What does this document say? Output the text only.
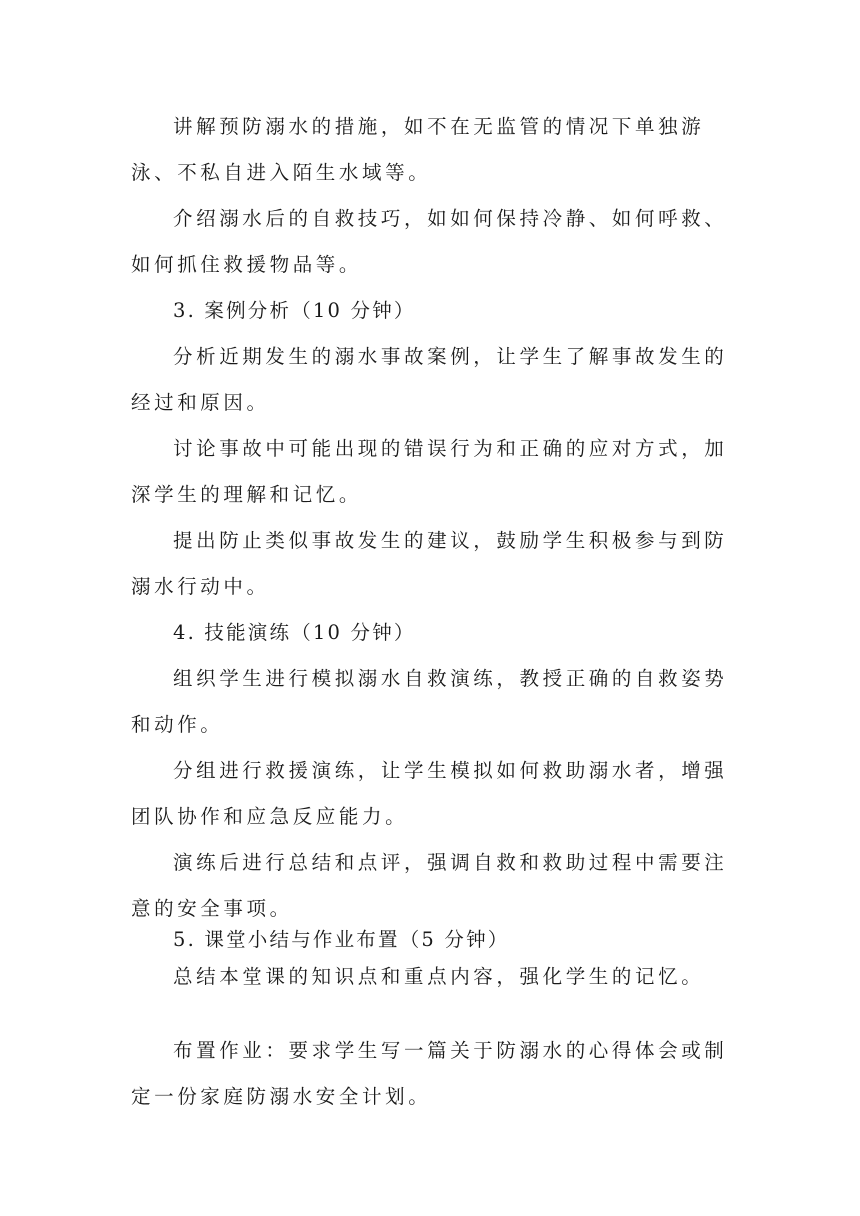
讲解预防溺水的措施，如不在无监管的情况下单独游泳、不私自进入陌生水域等。

介绍溺水后的自救技巧，如如何保持冷静、如何呼救、如何抓住救援物品等。

3. 案例分析（10 分钟）

分析近期发生的溺水事故案例，让学生了解事故发生的经过和原因。

讨论事故中可能出现的错误行为和正确的应对方式，加深学生的理解和记忆。

提出防止类似事故发生的建议，鼓励学生积极参与到防溺水行动中。

4. 技能演练（10 分钟）

组织学生进行模拟溺水自救演练，教授正确的自救姿势和动作。

分组进行救援演练，让学生模拟如何救助溺水者，增强团队协作和应急反应能力。

演练后进行总结和点评，强调自救和救助过程中需要注意的安全事项。

5. 课堂小结与作业布置（5 分钟）

总结本堂课的知识点和重点内容，强化学生的记忆。

布置作业：要求学生写一篇关于防溺水的心得体会或制定一份家庭防溺水安全计划。
